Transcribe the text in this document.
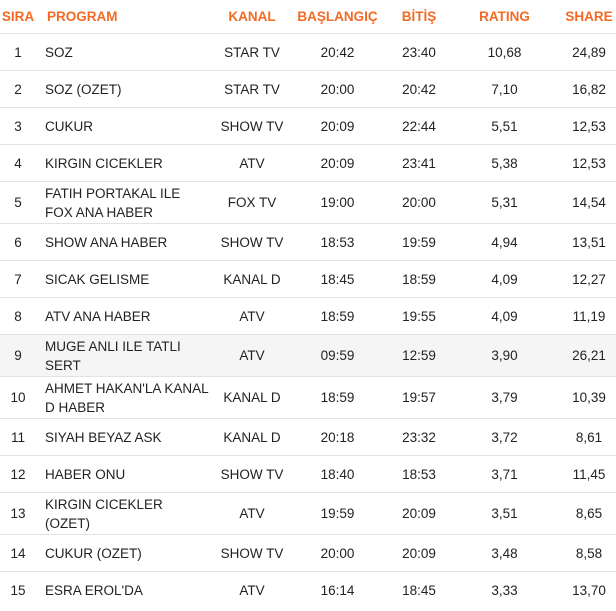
SIRA	PROGRAM	KANAL	BAŞLANGIÇ	BİTİŞ	RATING	SHARE
1	SOZ	STAR TV	20:42	23:40	10,68	24,89
2	SOZ (OZET)	STAR TV	20:00	20:42	7,10	16,82
3	CUKUR	SHOW TV	20:09	22:44	5,51	12,53
4	KIRGIN CICEKLER	ATV	20:09	23:41	5,38	12,53
5	FATIH PORTAKAL ILE FOX ANA HABER	FOX TV	19:00	20:00	5,31	14,54
6	SHOW ANA HABER	SHOW TV	18:53	19:59	4,94	13,51
7	SICAK GELISME	KANAL D	18:45	18:59	4,09	12,27
8	ATV ANA HABER	ATV	18:59	19:55	4,09	11,19
9	MUGE ANLI ILE TATLI SERT	ATV	09:59	12:59	3,90	26,21
10	AHMET HAKAN'LA KANAL D HABER	KANAL D	18:59	19:57	3,79	10,39
11	SIYAH BEYAZ ASK	KANAL D	20:18	23:32	3,72	8,61
12	HABER ONU	SHOW TV	18:40	18:53	3,71	11,45
13	KIRGIN CICEKLER (OZET)	ATV	19:59	20:09	3,51	8,65
14	CUKUR (OZET)	SHOW TV	20:00	20:09	3,48	8,58
15	ESRA EROL'DA	ATV	16:14	18:45	3,33	13,70
